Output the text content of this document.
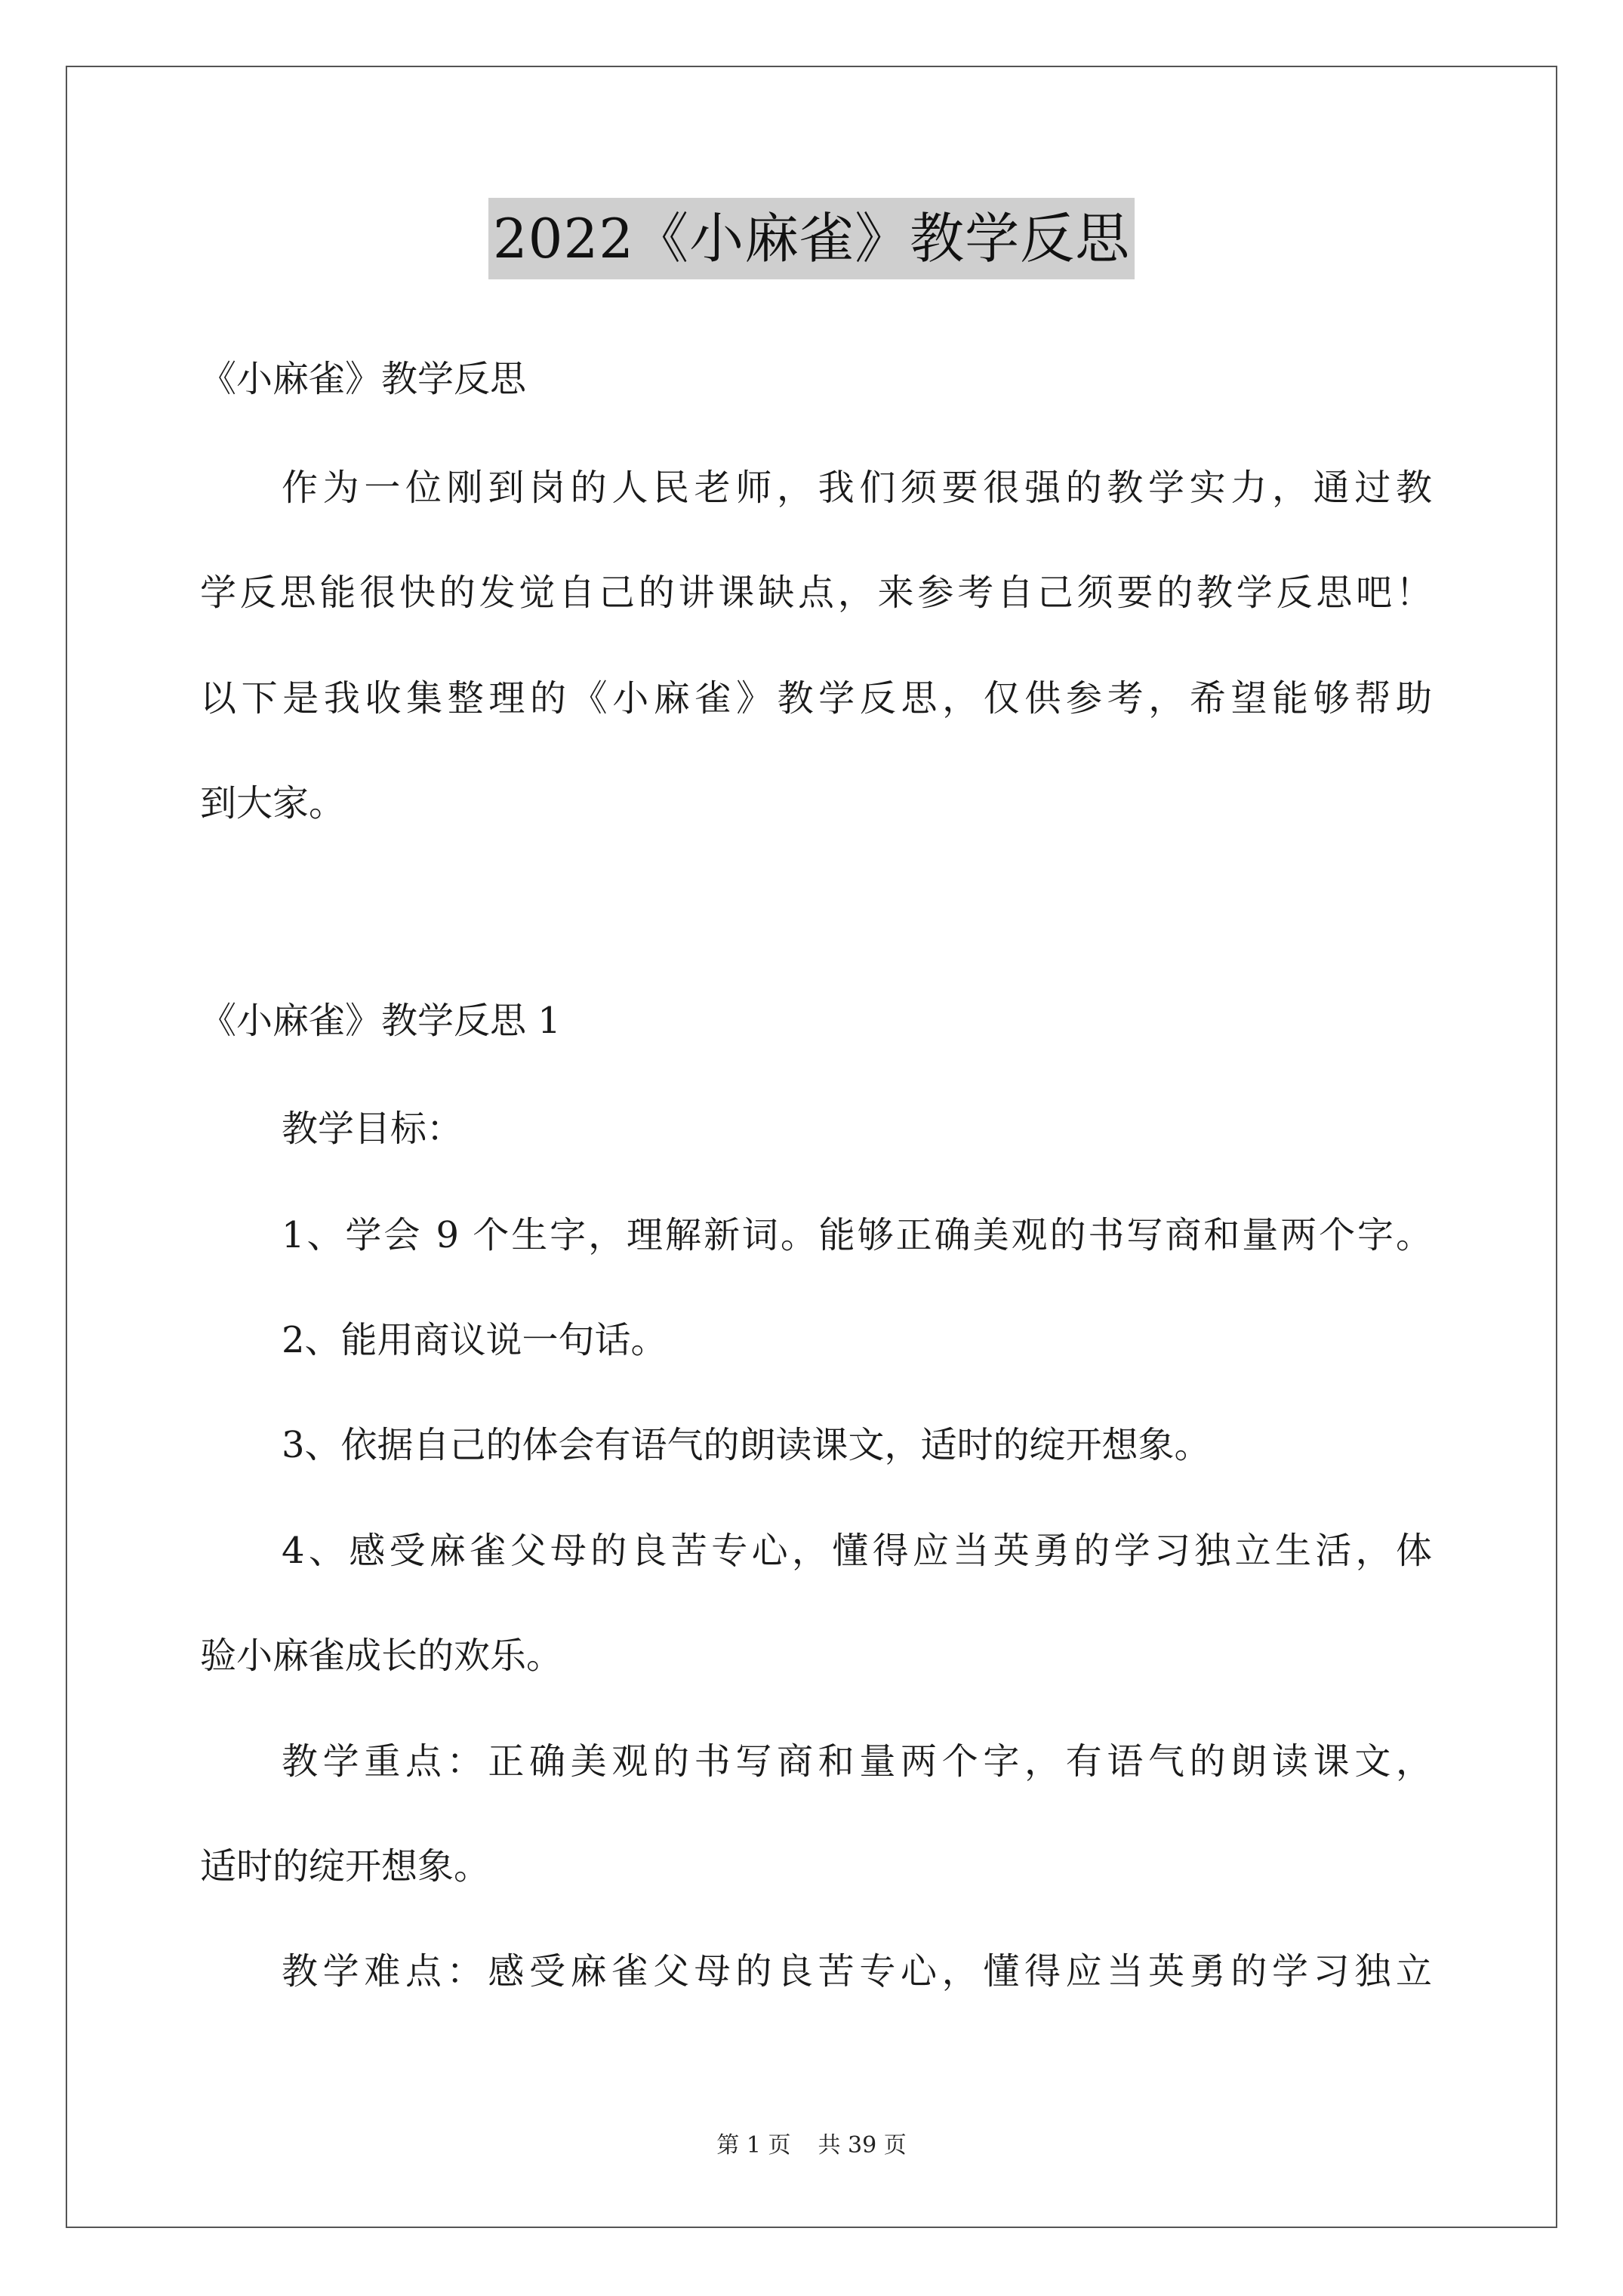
2022《小麻雀》教学反思
《小麻雀》教学反思
作为一位刚到岗的人民老师，我们须要很强的教学实力，通过教
学反思能很快的发觉自己的讲课缺点，来参考自己须要的教学反思吧！
以下是我收集整理的《小麻雀》教学反思，仅供参考，希望能够帮助
到大家。
《小麻雀》教学反思 1
教学目标：
1、学会 9 个生字，理解新词。能够正确美观的书写商和量两个字。
2、能用商议说一句话。
3、依据自己的体会有语气的朗读课文，适时的绽开想象。
4、感受麻雀父母的良苦专心，懂得应当英勇的学习独立生活，体
验小麻雀成长的欢乐。
教学重点：正确美观的书写商和量两个字，有语气的朗读课文，
适时的绽开想象。
教学难点：感受麻雀父母的良苦专心，懂得应当英勇的学习独立
第 1 页 共 39 页
